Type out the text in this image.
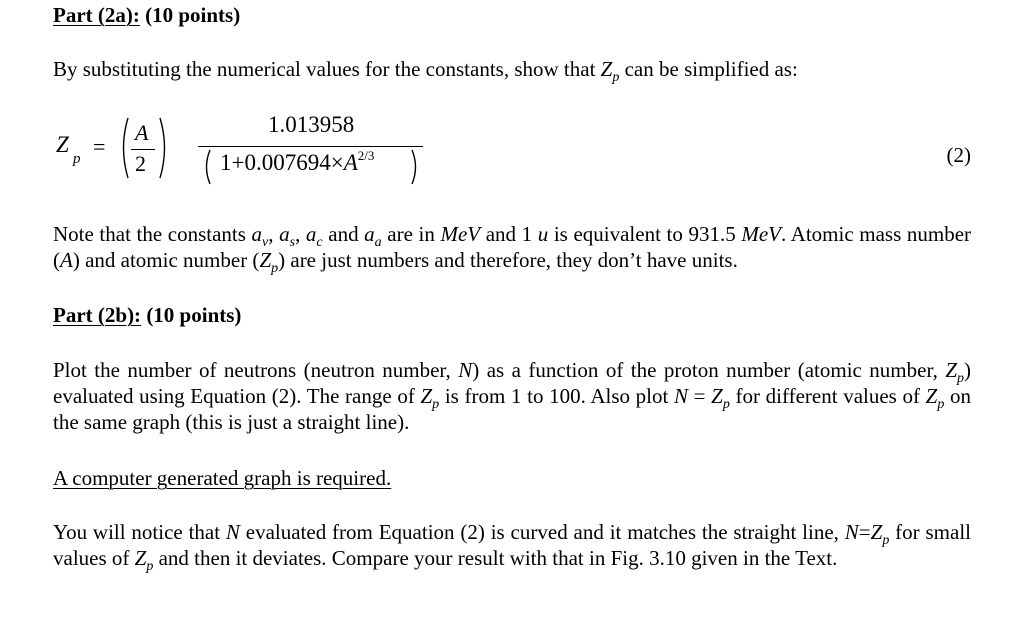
Part (2a): (10 points)
By substituting the numerical values for the constants, show that $Z_p$ can be simplified as:
Z
p =
A
2
1.013958
$1+0.007694\times A^{2/3}$	(2)
Note that the constants $a_v$, $a_s$, $a_c$ and $a_a$ are in MeV and 1 u is equivalent to 931.5 MeV. Atomic mass number (A) and atomic number $(Z_p)$ are just numbers and therefore, they don’t have units.
Part (2b): (10 points)
Plot the number of neutrons (neutron number, N) as a function of the proton number (atomic number, $Z_p$) evaluated using Equation (2). The range of $Z_p$ is from 1 to 100. Also plot $N = Z_p$ for different values of $Z_p$ on the same graph (this is just a straight line).
A computer generated graph is required.
You will notice that N evaluated from Equation (2) is curved and it matches the straight line, $N=Z_p$ for small values of $Z_p$ and then it deviates. Compare your result with that in Fig. 3.10 given in the Text.
